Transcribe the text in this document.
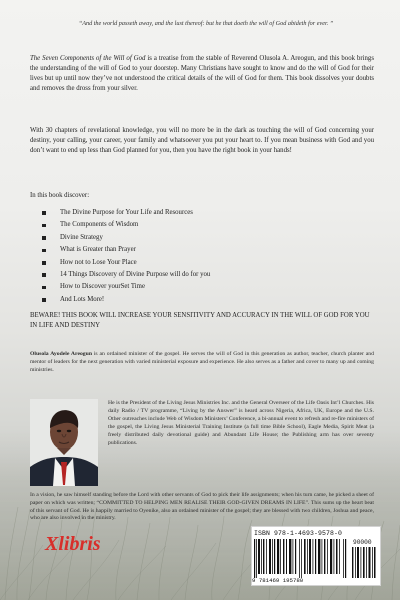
“And the world passeth away, and the lust thereof: but he that doeth the will of God abideth for ever. ”
The Seven Components of the Will of God is a treatise from the stable of Reverend Olusola A. Areogun, and this book brings the understanding of the will of God to your doorstep. Many Christians have sought to know and do the will of God for their lives but up until now they’ve not understood the critical details of the will of God for them. This book dissolves your doubts and removes the dross from your silver.
With 30 chapters of revelational knowledge, you will no more be in the dark as touching the will of God concerning your destiny, your calling, your career, your family and whatsoever you put your heart to. If you mean business with God and you don’t want to end up less than God planned for you, then you have the right book in your hands!
In this book discover:
The Divine Purpose for Your Life and Resources
The Components of Wisdom
Divine Strategy
What is Greater than Prayer
How not to Lose Your Place
14 Things Discovery of Divine Purpose will do for you
How to Discover yourSet Time
And Lots More!
BEWARE! THIS BOOK WILL INCREASE YOUR SENSITIVITY AND ACCURACY IN THE WILL OF GOD FOR YOU IN LIFE AND DESTINY
Olusola Ayodele Areogun is an ordained minister of the gospel. He serves the will of God in this generation as author, teacher, church planter and mentor of leaders for the next generation with varied ministerial exposure and experience. He also serves as a father and cover to many up and coming ministries.
He is the President of the Living Jesus Ministries Inc. and the General Overseer of the Life Oasis Int’l Churches. His daily Radio / TV programme, “Living by the Answer” is heard across Nigeria, Africa, UK, Europe and the U.S. Other outreaches include Web of Wisdom Ministers’ Conference, a bi-annual event to refresh and re-fire ministers of the gospel, the Living Jesus Ministerial Training Institute (a full time Bible School), Eagle Media, Spirit Meat (a freely distributed daily devotional guide) and Abundant Life House; the Publishing arm has over seventy publications.
In a vision, he saw himself standing before the Lord with other servants of God to pick their life assignments; when his turn came, he picked a sheet of paper on which was written; “COMMITTED TO HELPING MEN REALISE THEIR GOD-GIVEN DREAMS IN LIFE”. This sums up the heart beat of this servant of God. He is happily married to Oyenike, also an ordained minister of the gospel; they are blessed with two children, Joshua and peace, who are also involved in the ministry.
Xlibris	ISBN 978-1-4693-9578-0
90000
9 781469 195780
